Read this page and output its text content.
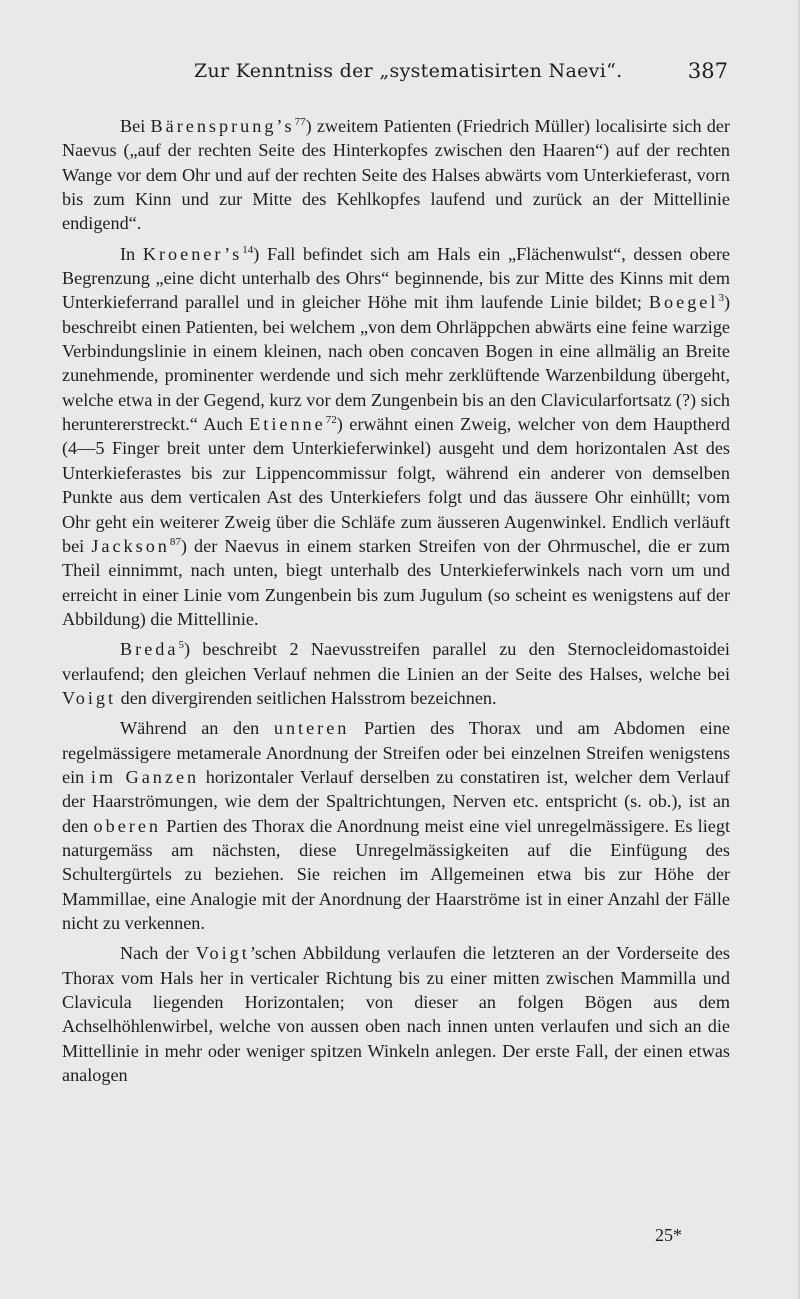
Zur Kenntniss der „systematisirten Naevi“.	387

Bei $Bärensprung’s^{77}$) zweitem Patienten (Friedrich Müller) localisirte sich der Naevus („auf der rechten Seite des Hinterkopfes zwischen den Haaren“) auf der rechten Wange vor dem Ohr und auf der rechten Seite des Halses abwärts vom Unterkieferast, vorn bis zum Kinn und zur Mitte des Kehlkopfes laufend und zurück an der Mittellinie endigend“.

In $Kroener’s^{14}$) Fall befindet sich am Hals ein „Flächenwulst“, dessen obere Begrenzung „eine dicht unterhalb des Ohrs“ beginnende, bis zur Mitte des Kinns mit dem Unterkieferrand parallel und in gleicher Höhe mit ihm laufende Linie bildet; Boegel$^3$) beschreibt einen Patienten, bei welchem „von dem Ohrläppchen abwärts eine feine warzige Verbindungslinie in einem kleinen, nach oben concaven Bogen in eine allmälig an Breite zunehmende, prominenter werdende und sich mehr zerklüftende Warzenbildung übergeht, welche etwa in der Gegend, kurz vor dem Zungenbein bis an den Clavicularfortsatz (?) sich heruntererstreckt.“ Auch Etienne$^{72}$) erwähnt einen Zweig, welcher von dem Hauptherd (4—5 Finger breit unter dem Unterkieferwinkel) ausgeht und dem horizontalen Ast des Unterkieferastes bis zur Lippencommissur folgt, während ein anderer von demselben Punkte aus dem verticalen Ast des Unterkiefers folgt und das äussere Ohr einhüllt; vom Ohr geht ein weiterer Zweig über die Schläfe zum äusseren Augenwinkel. Endlich verläuft bei Jackson$^{87}$) der Naevus in einem starken Streifen von der Ohrmuschel, die er zum Theil einnimmt, nach unten, biegt unterhalb des Unterkieferwinkels nach vorn um und erreicht in einer Linie vom Zungenbein bis zum Jugulum (so scheint es wenigstens auf der Abbildung) die Mittellinie.

Breda$^5$) beschreibt 2 Naevusstreifen parallel zu den Sternocleidomastoidei verlaufend; den gleichen Verlauf nehmen die Linien an der Seite des Halses, welche bei Voigt den divergirenden seitlichen Halsstrom bezeichnen.

Während an den unteren Partien des Thorax und am Abdomen eine regelmässigere metamerale Anordnung der Streifen oder bei einzelnen Streifen wenigstens ein im Ganzen horizontaler Verlauf derselben zu constatiren ist, welcher dem Verlauf der Haarströmungen, wie dem der Spaltrichtungen, Nerven etc. entspricht (s. ob.), ist an den oberen Partien des Thorax die Anordnung meist eine viel unregelmässigere. Es liegt naturgemäss am nächsten, diese Unregelmässigkeiten auf die Einfügung des Schultergürtels zu beziehen. Sie reichen im Allgemeinen etwa bis zur Höhe der Mammillae, eine Analogie mit der Anordnung der Haarströme ist in einer Anzahl der Fälle nicht zu verkennen.

Nach der Voigt’schen Abbildung verlaufen die letzteren an der Vorderseite des Thorax vom Hals her in verticaler Richtung bis zu einer mitten zwischen Mammilla und Clavicula liegenden Horizontalen; von dieser an folgen Bögen aus dem Achselhöhlenwirbel, welche von aussen oben nach innen unten verlaufen und sich an die Mittellinie in mehr oder weniger spitzen Winkeln anlegen. Der erste Fall, der einen etwas analogen

25*
